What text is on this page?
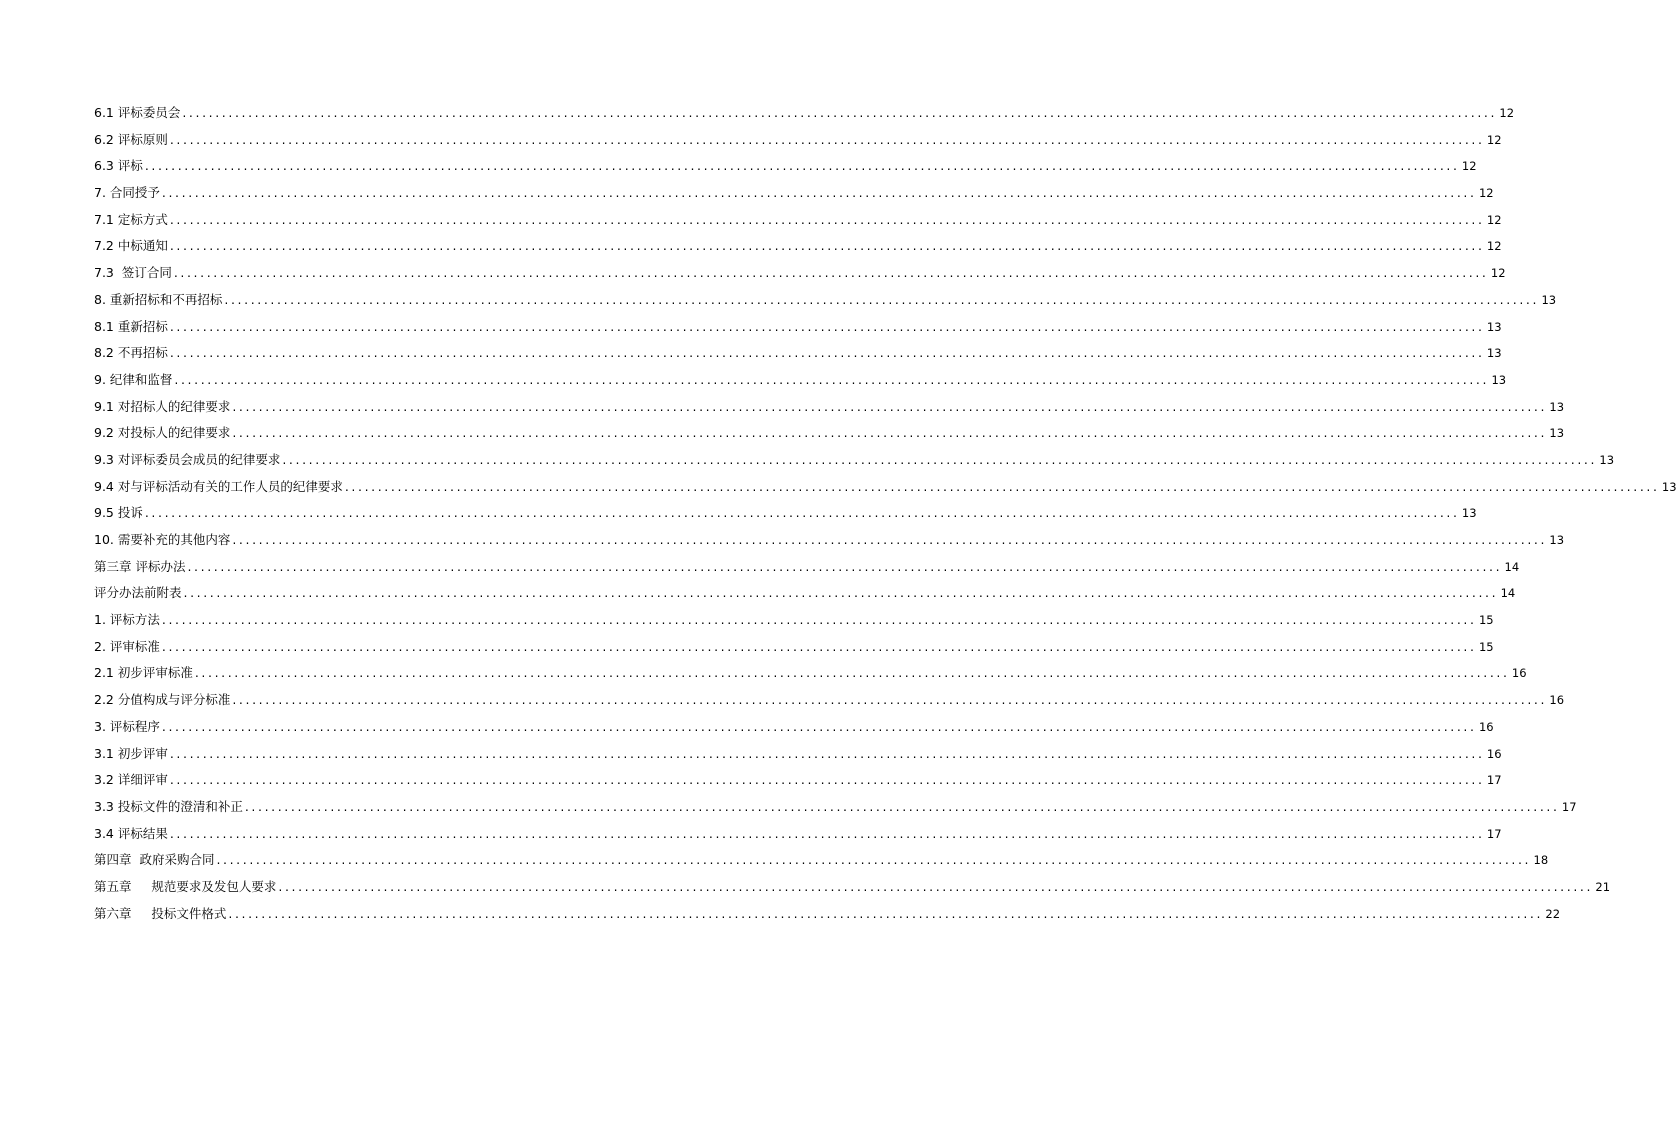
6.1 评标委员会 ........................................................................................................................................................................................................ 12
6.2 评标原则 ........................................................................................................................................................................................................ 12
6.3 评标 ........................................................................................................................................................................................................ 12
7. 合同授予 ........................................................................................................................................................................................................ 12
7.1 定标方式 ........................................................................................................................................................................................................ 12
7.2 中标通知 ........................................................................................................................................................................................................ 12
7.3  签订合同 ........................................................................................................................................................................................................ 12
8. 重新招标和不再招标 ........................................................................................................................................................................................................ 13
8.1 重新招标 ........................................................................................................................................................................................................ 13
8.2 不再招标 ........................................................................................................................................................................................................ 13
9. 纪律和监督 ........................................................................................................................................................................................................ 13
9.1 对招标人的纪律要求 ........................................................................................................................................................................................................ 13
9.2 对投标人的纪律要求 ........................................................................................................................................................................................................ 13
9.3 对评标委员会成员的纪律要求 ........................................................................................................................................................................................................ 13
9.4 对与评标活动有关的工作人员的纪律要求 ........................................................................................................................................................................................................ 13
9.5 投诉 ........................................................................................................................................................................................................ 13
10. 需要补充的其他内容 ........................................................................................................................................................................................................ 13
第三章 评标办法 ........................................................................................................................................................................................................ 14
评分办法前附表 ........................................................................................................................................................................................................ 14
1. 评标方法 ........................................................................................................................................................................................................ 15
2. 评审标准 ........................................................................................................................................................................................................ 15
2.1 初步评审标准 ........................................................................................................................................................................................................ 16
2.2 分值构成与评分标准 ........................................................................................................................................................................................................ 16
3. 评标程序 ........................................................................................................................................................................................................ 16
3.1 初步评审 ........................................................................................................................................................................................................ 16
3.2 详细评审 ........................................................................................................................................................................................................ 17
3.3 投标文件的澄清和补正 ........................................................................................................................................................................................................ 17
3.4 评标结果 ........................................................................................................................................................................................................ 17
第四章  政府采购合同 ........................................................................................................................................................................................................ 18
第五章     规范要求及发包人要求 ........................................................................................................................................................................................................ 21
第六章     投标文件格式 ........................................................................................................................................................................................................ 22
